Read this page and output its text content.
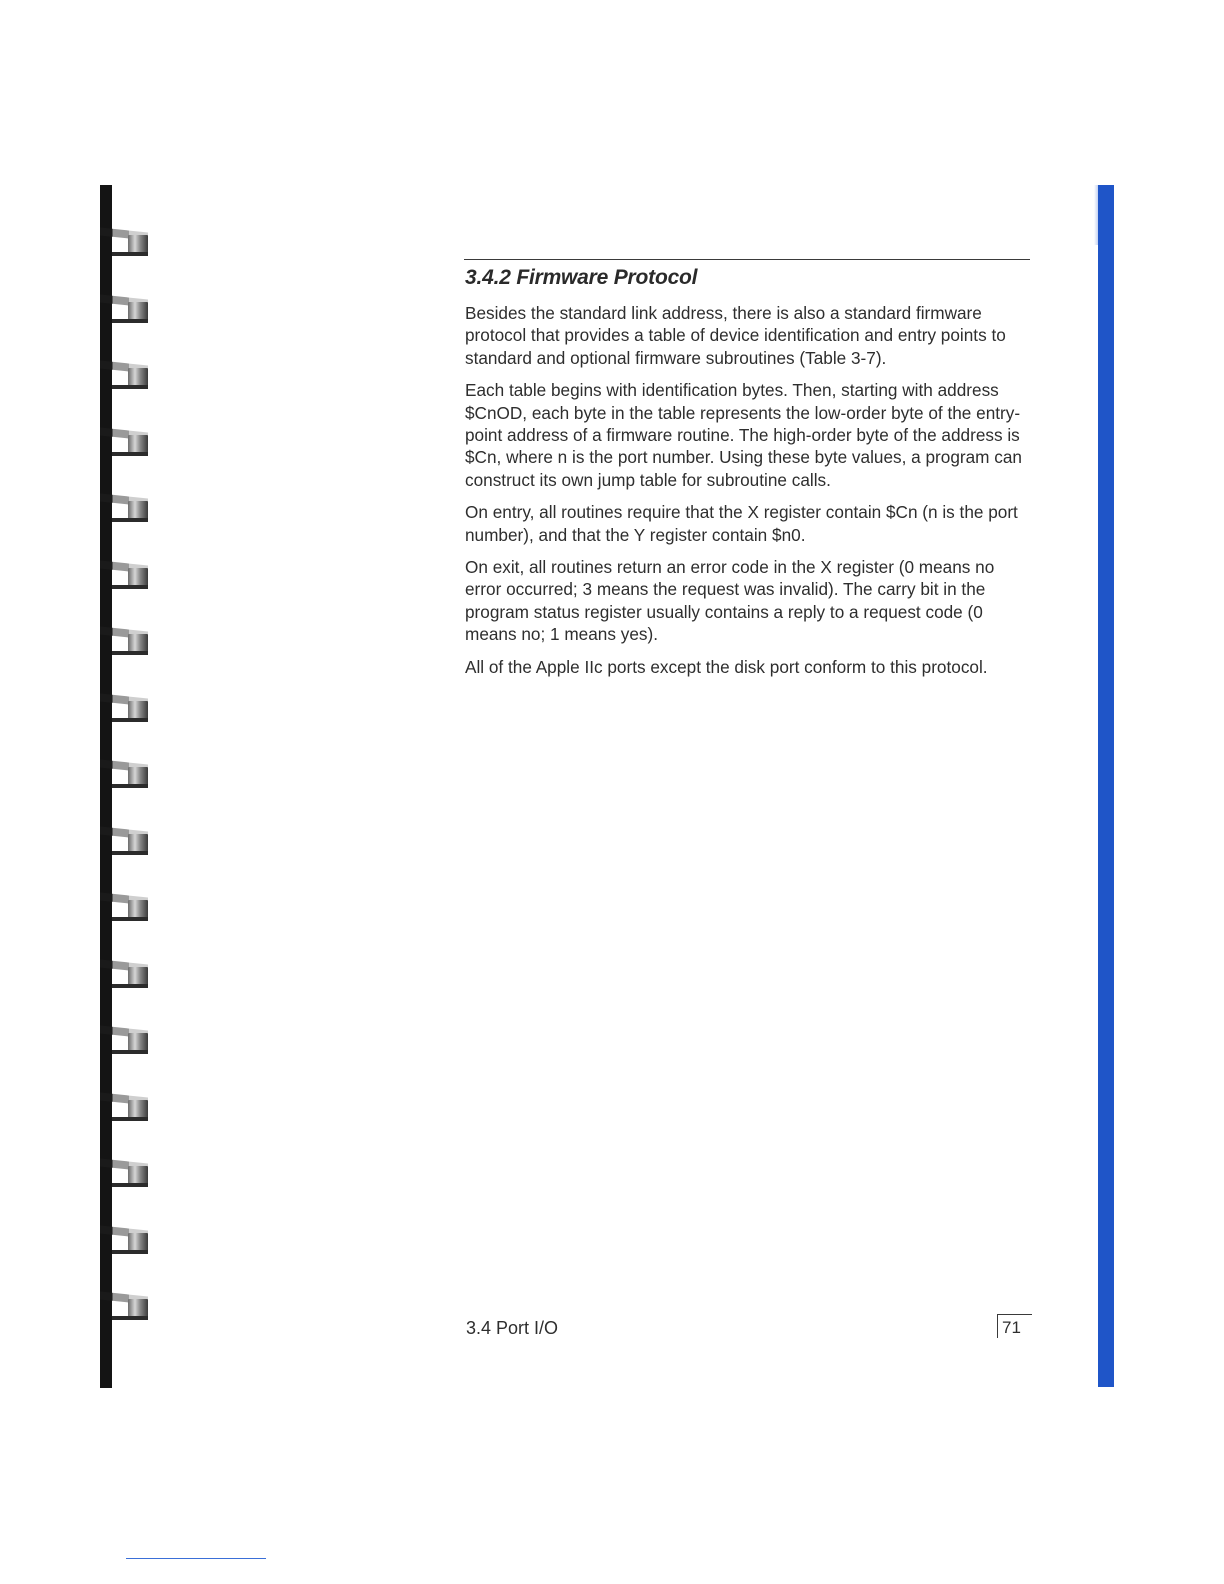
3.4.2 Firmware Protocol

Besides the standard link address, there is also a standard firmware protocol that provides a table of device identification and entry points to standard and optional firmware subroutines (Table 3-7).

Each table begins with identification bytes. Then, starting with address $CnOD, each byte in the table represents the low-order byte of the entry-point address of a firmware routine. The high-order byte of the address is $Cn, where n is the port number. Using these byte values, a program can construct its own jump table for subroutine calls.

On entry, all routines require that the X register contain $Cn (n is the port number), and that the Y register contain $n0.

On exit, all routines return an error code in the X register (0 means no error occurred; 3 means the request was invalid). The carry bit in the program status register usually contains a reply to a request code (0 means no; 1 means yes).

All of the Apple IIc ports except the disk port conform to this protocol.

3.4 Port I/O	71
